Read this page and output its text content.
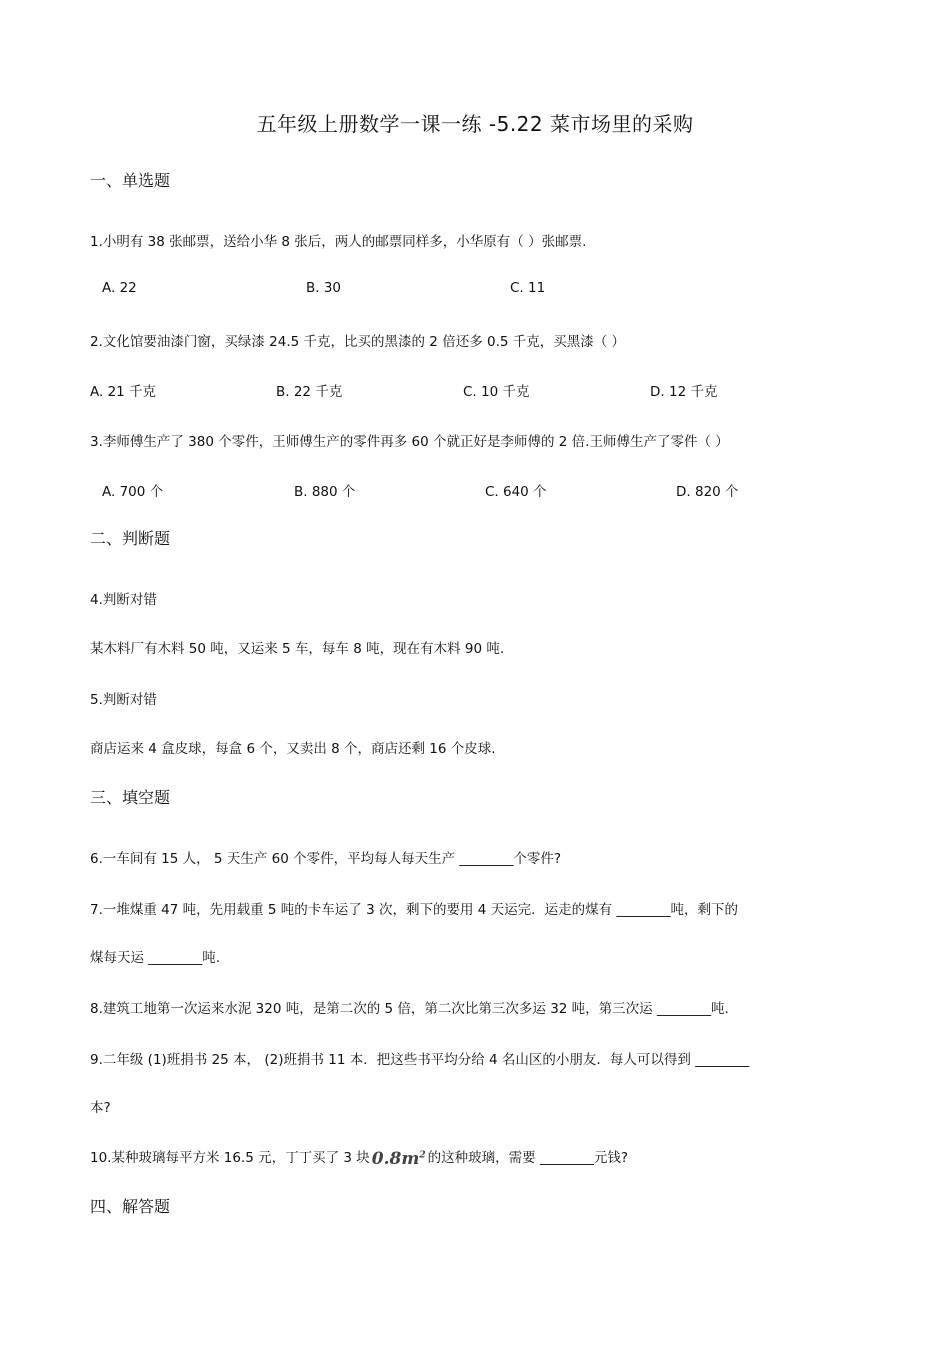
五年级上册数学一课一练 -5.22 菜市场里的采购
一、单选题
1.小明有 38 张邮票，送给小华 8 张后，两人的邮票同样多，小华原有（ ）张邮票.
A. 22	B. 30	C. 11
2.文化馆要油漆门窗，买绿漆 24.5 千克，比买的黑漆的 2 倍还多 0.5 千克，买黑漆（ ）
A. 21 千克	B. 22 千克	C. 10 千克	D. 12 千克
3.李师傅生产了 380 个零件，王师傅生产的零件再多 60 个就正好是李师傅的 2 倍.王师傅生产了零件（ ）
A. 700 个	B. 880 个	C. 640 个	D. 820 个
二、判断题
4.判断对错
某木料厂有木料 50 吨，又运来 5 车，每车 8 吨，现在有木料 90 吨.
5.判断对错
商店运来 4 盒皮球，每盒 6 个，又卖出 8 个，商店还剩 16 个皮球.
三、填空题
6.一车间有 15 人， 5 天生产 60 个零件，平均每人每天生产 ________个零件?
7.一堆煤重 47 吨，先用载重 5 吨的卡车运了 3 次，剩下的要用 4 天运完．运走的煤有 ________吨，剩下的
煤每天运 ________吨.
8.建筑工地第一次运来水泥 320 吨，是第二次的 5 倍，第二次比第三次多运 32 吨，第三次运 ________吨.
9.二年级 (1)班捐书 25 本， (2)班捐书 11 本．把这些书平均分给 4 名山区的小朋友．每人可以得到 ________
本?
10.某种玻璃每平方米 16.5 元，丁丁买了 3 块 $0.8m^2$ 的这种玻璃，需要 ________元钱?
四、解答题
